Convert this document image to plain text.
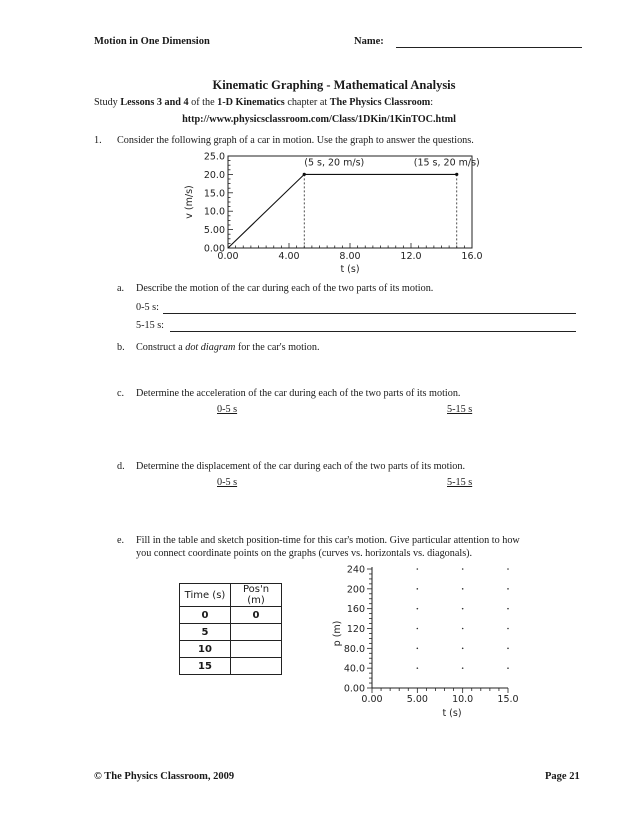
Motion in One Dimension	Name:
Kinematic Graphing - Mathematical Analysis
Study Lessons 3 and 4 of the 1-D Kinematics chapter at The Physics Classroom:
http://www.physicsclassroom.com/Class/1DKin/1KinTOC.html
1. Consider the following graph of a car in motion. Use the graph to answer the questions.
0.00	4.00	8.00	12.0	16.0
0.00
5.00
10.0
15.0
20.0
25.0
t (s)
v (m/s)
(5 s, 20 m/s)	(15 s, 20 m/s)
a. Describe the motion of the car during each of the two parts of its motion.
0-5 s:
5-15 s:
b. Construct a dot diagram for the car's motion.
c. Determine the acceleration of the car during each of the two parts of its motion.
0-5 s	5-15 s
d. Determine the displacement of the car during each of the two parts of its motion.
0-5 s	5-15 s
e. Fill in the table and sketch position-time for this car's motion. Give particular attention to how
you connect coordinate points on the graphs (curves vs. horizontals vs. diagonals).
Time (s)	Pos'n (m)
0	0
5	
10	
15	
0.00	5.00	10.0	15.0
0.00
40.0
80.0
120
160
200
240
t (s)
p (m)
© The Physics Classroom, 2009	Page 21
